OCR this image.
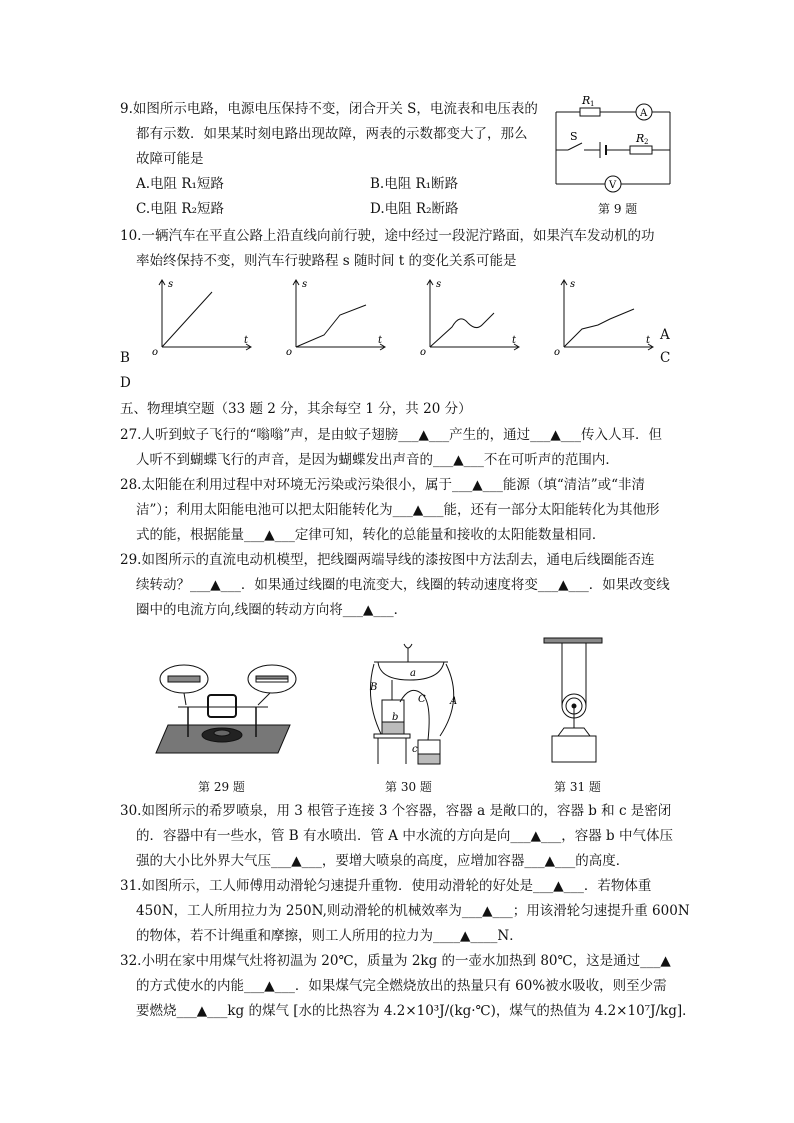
9.如图所示电路，电源电压保持不变，闭合开关 S，电流表和电压表的
都有示数．如果某时刻电路出现故障，两表的示数都变大了，那么
故障可能是
A.电阻 R₁短路	B.电阻 R₁断路
C.电阻 R₂短路	D.电阻 R₂断路
R 1
A
S	R 2
V
第 9 题
10.一辆汽车在平直公路上沿直线向前行驶，途中经过一段泥泞路面，如果汽车发动机的功
率始终保持不变，则汽车行驶路程 s 随时间 t 的变化关系可能是
s
t
o
s
t
o
s
t
o
s
t
o
A
B	C
D
五、物理填空题（33 题 2 分，其余每空 1 分，共 20 分）
27.人听到蚊子飞行的“嗡嗡”声，是由蚊子翅膀___▲___产生的，通过___▲___传入人耳．但
人听不到蝴蝶飞行的声音，是因为蝴蝶发出声音的___▲___不在可听声的范围内．
28.太阳能在利用过程中对环境无污染或污染很小，属于___▲___能源（填“清洁”或“非清
洁”）；利用太阳能电池可以把太阳能转化为___▲___能，还有一部分太阳能转化为其他形
式的能，根据能量___▲___定律可知，转化的总能量和接收的太阳能数量相同．
29.如图所示的直流电动机模型，把线圈两端导线的漆按图中方法刮去，通电后线圈能否连
续转动？___▲___．如果通过线圈的电流变大，线圈的转动速度将变___▲___．如果改变线
圈中的电流方向,线圈的转动方向将___▲___．
a
B
b
C A
c
第 29 题	第 30 题	第 31 题
30.如图所示的希罗喷泉，用 3 根管子连接 3 个容器，容器 a 是敞口的，容器 b 和 c 是密闭
的．容器中有一些水，管 B 有水喷出．管 A 中水流的方向是向___▲___，容器 b 中气体压
强的大小比外界大气压___▲___，要增大喷泉的高度，应增加容器___▲___的高度．
31.如图所示，工人师傅用动滑轮匀速提升重物．使用动滑轮的好处是___▲___．若物体重
450N，工人所用拉力为 250N,则动滑轮的机械效率为___▲___；用该滑轮匀速提升重 600N
的物体，若不计绳重和摩擦，则工人所用的拉力为____▲____N．
32.小明在家中用煤气灶将初温为 20℃，质量为 2kg 的一壶水加热到 80℃，这是通过___▲
的方式使水的内能___▲___．如果煤气完全燃烧放出的热量只有 60%被水吸收，则至少需
要燃烧___▲___kg 的煤气 [水的比热容为 4.2×10³J/(kg·℃)，煤气的热值为 4.2×10⁷J/kg]．
